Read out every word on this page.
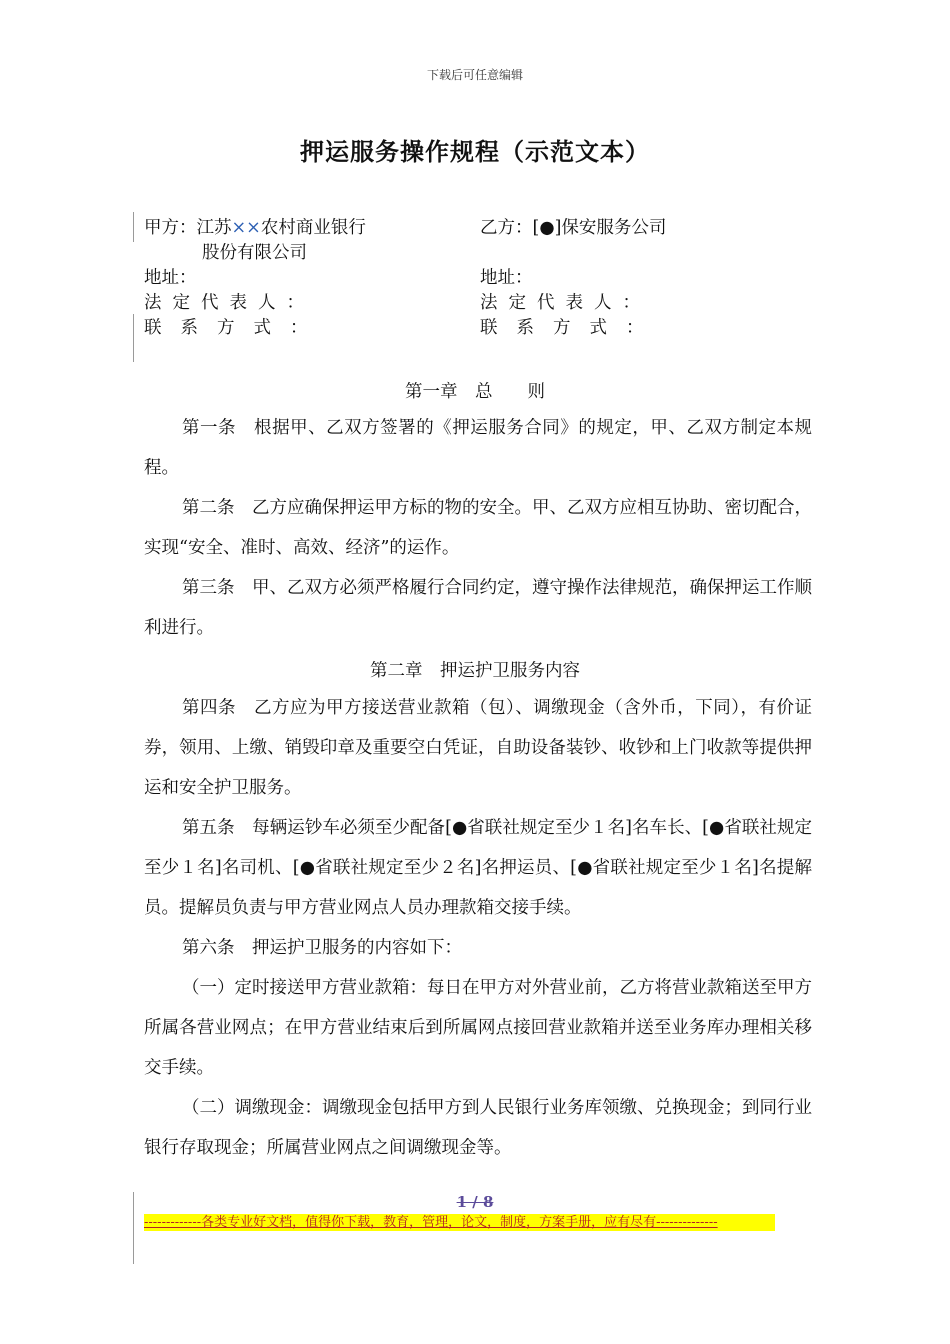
下载后可任意编辑
押运服务操作规程（示范文本）
甲方：江苏××农村商业银行
股份有限公司
地址：
法定代表人：
联系方式：
乙方：[●]保安服务公司
地址：
法定代表人：
联系方式：
第一章　总　　则

第一条　根据甲、乙双方签署的《押运服务合同》的规定，甲、乙双方制定本规程。

第二条　乙方应确保押运甲方标的物的安全。甲、乙双方应相互协助、密切配合，实现“安全、准时、高效、经济”的运作。

第三条　甲、乙双方必须严格履行合同约定，遵守操作法律规范，确保押运工作顺利进行。

第二章　押运护卫服务内容

第四条　乙方应为甲方接送营业款箱（包）、调缴现金（含外币，下同），有价证券，领用、上缴、销毁印章及重要空白凭证，自助设备装钞、收钞和上门收款等提供押运和安全护卫服务。

第五条　每辆运钞车必须至少配备[●省联社规定至少１名]名车长、[●省联社规定至少１名]名司机、[●省联社规定至少２名]名押运员、[●省联社规定至少１名]名提解员。提解员负责与甲方营业网点人员办理款箱交接手续。

第六条　押运护卫服务的内容如下：

（一）定时接送甲方营业款箱：每日在甲方对外营业前，乙方将营业款箱送至甲方所属各营业网点；在甲方营业结束后到所属网点接回营业款箱并送至业务库办理相关移交手续。

（二）调缴现金：调缴现金包括甲方到人民银行业务库领缴、兑换现金；到同行业银行存取现金；所属营业网点之间调缴现金等。

1 / 8
-------------各类专业好文档，值得你下载，教育，管理，论文，制度，方案手册，应有尽有--------------
